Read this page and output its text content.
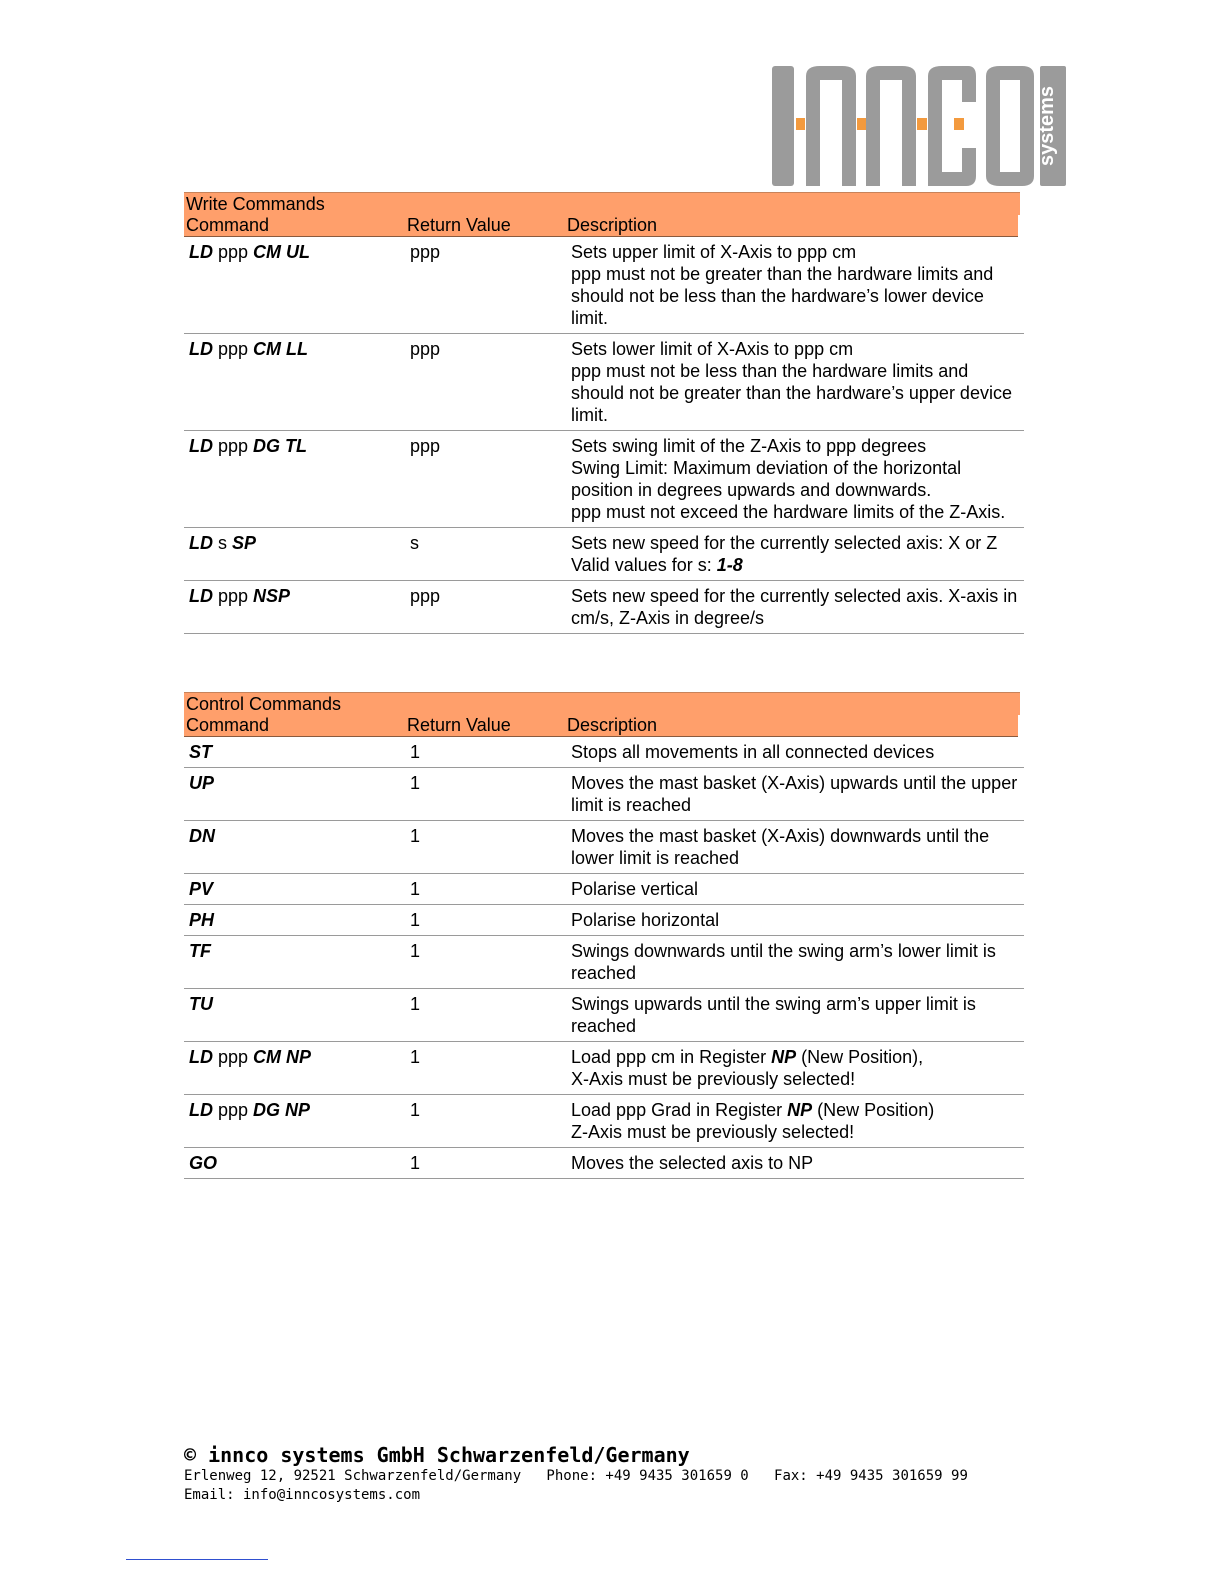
systems
Write Commands
Command	Return Value	Description
LD ppp CM UL	ppp	Sets upper limit of X-Axis to ppp cm
ppp must not be greater than the hardware limits and should not be less than the hardware’s lower device limit.
LD ppp CM LL	ppp	Sets lower limit of X-Axis to ppp cm
ppp must not be less than the hardware limits and should not be greater than the hardware’s upper device limit.
LD ppp DG TL	ppp	Sets swing limit of the Z-Axis to ppp degrees
Swing Limit: Maximum deviation of the horizontal position in degrees upwards and downwards.
ppp must not exceed the hardware limits of the Z-Axis.
LD s SP	s	Sets new speed for the currently selected axis: X or Z
Valid values for s: 1-8
LD ppp NSP	ppp	Sets new speed for the currently selected axis. X-axis in cm/s, Z-Axis in degree/s
Control Commands
Command	Return Value	Description
ST	1	Stops all movements in all connected devices
UP	1	Moves the mast basket (X-Axis) upwards until the upper limit is reached
DN	1	Moves the mast basket (X-Axis) downwards until the lower limit is reached
PV	1	Polarise vertical
PH	1	Polarise horizontal
TF	1	Swings downwards until the swing arm’s lower limit is reached
TU	1	Swings upwards until the swing arm’s upper limit is reached
LD ppp CM NP	1	Load ppp cm in Register NP (New Position),
X-Axis must be previously selected!
LD ppp DG NP	1	Load ppp Grad in Register NP (New Position)
Z-Axis must be previously selected!
GO	1	Moves the selected axis to NP
© innco systems GmbH Schwarzenfeld/Germany
Erlenweg 12, 92521 Schwarzenfeld/Germany   Phone: +49 9435 301659 0   Fax: +49 9435 301659 99
Email: info@inncosystems.com
